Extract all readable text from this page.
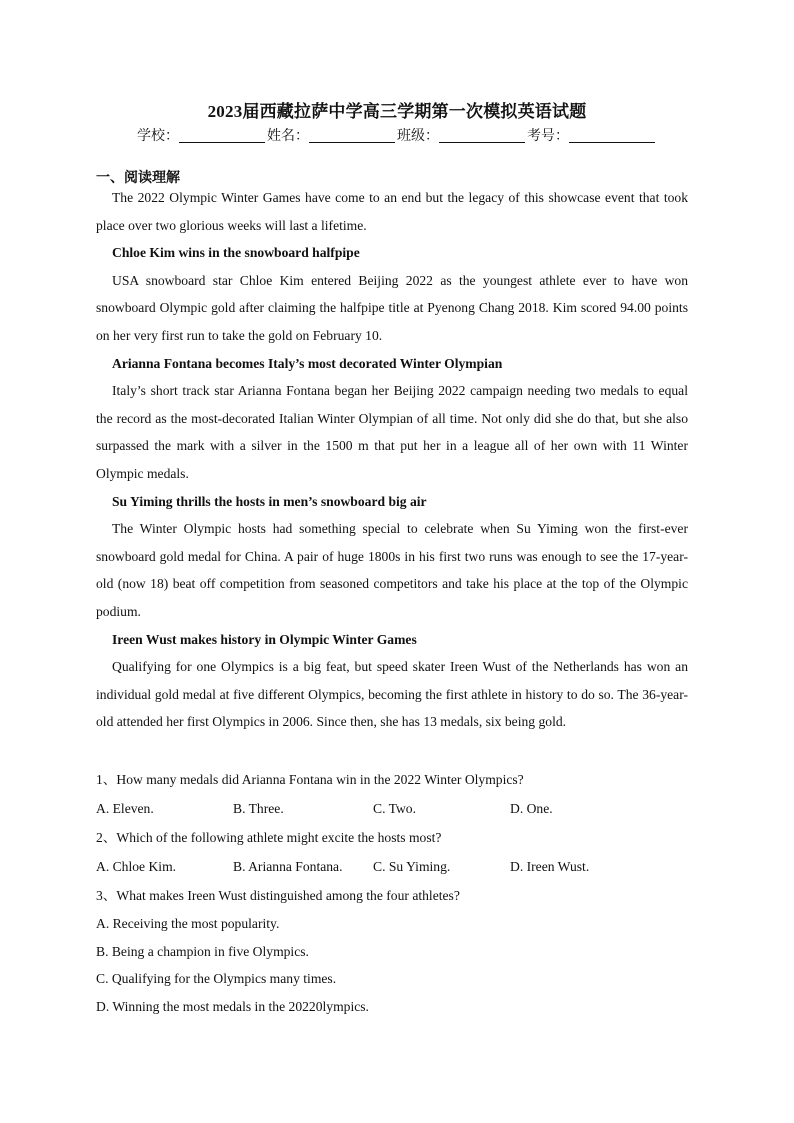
2023届西藏拉萨中学高三学期第一次模拟英语试题
学校：	姓名：	班级：	考号：
一、阅读理解

The 2022 Olympic Winter Games have come to an end but the legacy of this showcase event that took place over two glorious weeks will last a lifetime.

Chloe Kim wins in the snowboard halfpipe

USA snowboard star Chloe Kim entered Beijing 2022 as the youngest athlete ever to have won snowboard Olympic gold after claiming the halfpipe title at Pyenong Chang 2018. Kim scored 94.00 points on her very first run to take the gold on February 10.

Arianna Fontana becomes Italy’s most decorated Winter Olympian

Italy’s short track star Arianna Fontana began her Beijing 2022 campaign needing two medals to equal the record as the most-decorated Italian Winter Olympian of all time. Not only did she do that, but she also surpassed the mark with a silver in the 1500 m that put her in a league all of her own with 11 Winter Olympic medals.

Su Yiming thrills the hosts in men’s snowboard big air

The Winter Olympic hosts had something special to celebrate when Su Yiming won the first-ever snowboard gold medal for China. A pair of huge 1800s in his first two runs was enough to see the 17-year-old (now 18) beat off competition from seasoned competitors and take his place at the top of the Olympic podium.

Ireen Wust makes history in Olympic Winter Games

Qualifying for one Olympics is a big feat, but speed skater Ireen Wust of the Netherlands has won an individual gold medal at five different Olympics, becoming the first athlete in history to do so. The 36-year-old attended her first Olympics in 2006. Since then, she has 13 medals, six being gold.

1、How many medals did Arianna Fontana win in the 2022 Winter Olympics?
A. Eleven.	B. Three.	C. Two.	D. One.
2、Which of the following athlete might excite the hosts most?
A. Chloe Kim.	B. Arianna Fontana. C. Su Yiming.	D. Ireen Wust.
3、What makes Ireen Wust distinguished among the four athletes?
A. Receiving the most popularity.
B. Being a champion in five Olympics.
C. Qualifying for the Olympics many times.
D. Winning the most medals in the 20220lympics.
